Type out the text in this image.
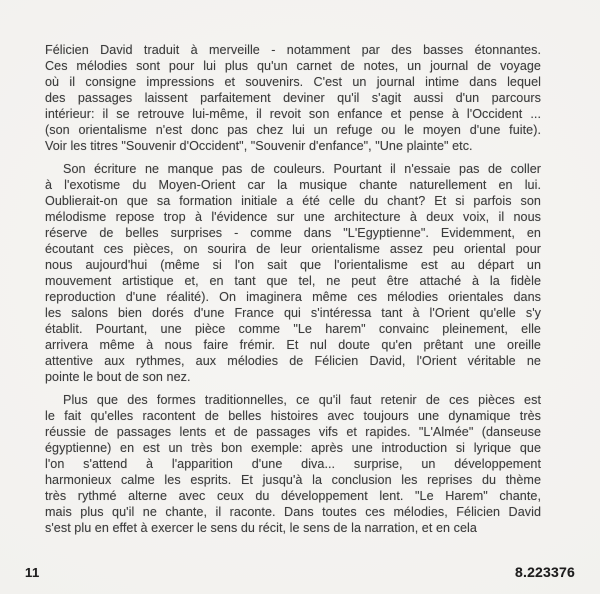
Félicien David traduit à merveille - notamment par des basses étonnantes.
Ces mélodies sont pour lui plus qu'un carnet de notes, un journal de voyage
où il consigne impressions et souvenirs. C'est un journal intime dans lequel
des passages laissent parfaitement deviner qu'il s'agit aussi d'un parcours
intérieur: il se retrouve lui-même, il revoit son enfance et pense à l'Occident ...
(son orientalisme n'est donc pas chez lui un refuge ou le moyen d'une fuite).
Voir les titres "Souvenir d'Occident", "Souvenir d'enfance", "Une plainte" etc.
Son écriture ne manque pas de couleurs. Pourtant il n'essaie pas de coller
à l'exotisme du Moyen-Orient car la musique chante naturellement en lui.
Oublierait-on que sa formation initiale a été celle du chant? Et si parfois son
mélodisme repose trop à l'évidence sur une architecture à deux voix, il nous
réserve de belles surprises - comme dans "L'Egyptienne". Evidemment, en
écoutant ces pièces, on sourira de leur orientalisme assez peu oriental pour
nous aujourd'hui (même si l'on sait que l'orientalisme est au départ un
mouvement artistique et, en tant que tel, ne peut être attaché à la fidèle
reproduction d'une réalité). On imaginera même ces mélodies orientales dans
les salons bien dorés d'une France qui s'intéressa tant à l'Orient qu'elle s'y
établit. Pourtant, une pièce comme "Le harem" convainc pleinement, elle
arrivera même à nous faire frémir. Et nul doute qu'en prêtant une oreille
attentive aux rythmes, aux mélodies de Félicien David, l'Orient véritable ne
pointe le bout de son nez.
Plus que des formes traditionnelles, ce qu'il faut retenir de ces pièces est
le fait qu'elles racontent de belles histoires avec toujours une dynamique très
réussie de passages lents et de passages vifs et rapides. "L'Almée" (danseuse
égyptienne) en est un très bon exemple: après une introduction si lyrique que
l'on s'attend à l'apparition d'une diva... surprise, un développement
harmonieux calme les esprits. Et jusqu'à la conclusion les reprises du thème
très rythmé alterne avec ceux du développement lent. "Le Harem" chante,
mais plus qu'il ne chante, il raconte. Dans toutes ces mélodies, Félicien David
s'est plu en effet à exercer le sens du récit, le sens de la narration, et en cela
11	8.223376
